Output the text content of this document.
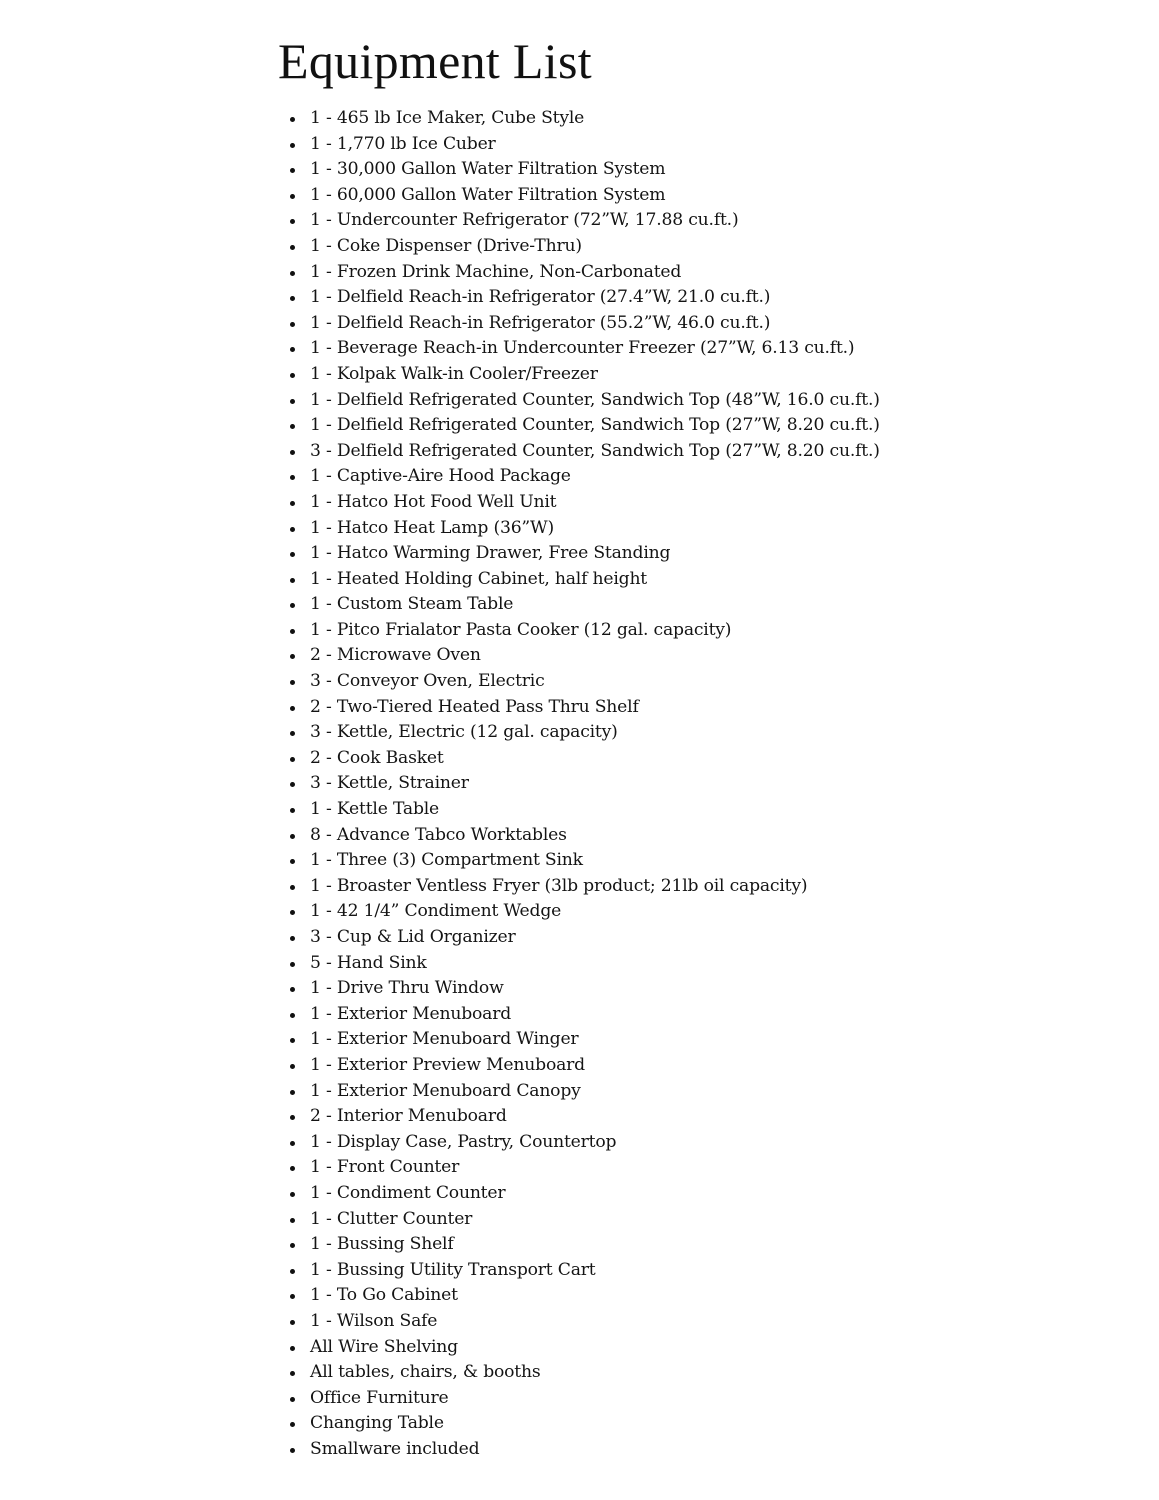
Equipment List
1 - 465 lb Ice Maker, Cube Style
1 - 1,770 lb Ice Cuber
1 - 30,000 Gallon Water Filtration System
1 - 60,000 Gallon Water Filtration System
1 - Undercounter Refrigerator (72”W, 17.88 cu.ft.)
1 - Coke Dispenser (Drive-Thru)
1 - Frozen Drink Machine, Non-Carbonated
1 - Delfield Reach-in Refrigerator (27.4”W, 21.0 cu.ft.)
1 - Delfield Reach-in Refrigerator (55.2”W, 46.0 cu.ft.)
1 - Beverage Reach-in Undercounter Freezer (27”W, 6.13 cu.ft.)
1 - Kolpak Walk-in Cooler/Freezer
1 - Delfield Refrigerated Counter, Sandwich Top (48”W, 16.0 cu.ft.)
1 - Delfield Refrigerated Counter, Sandwich Top (27”W, 8.20 cu.ft.)
3 - Delfield Refrigerated Counter, Sandwich Top (27”W, 8.20 cu.ft.)
1 - Captive-Aire Hood Package
1 - Hatco Hot Food Well Unit
1 - Hatco Heat Lamp (36”W)
1 - Hatco Warming Drawer, Free Standing
1 - Heated Holding Cabinet, half height
1 - Custom Steam Table
1 - Pitco Frialator Pasta Cooker (12 gal. capacity)
2 - Microwave Oven
3 - Conveyor Oven, Electric
2 - Two-Tiered Heated Pass Thru Shelf
3 - Kettle, Electric (12 gal. capacity)
2 - Cook Basket
3 - Kettle, Strainer
1 - Kettle Table
8 - Advance Tabco Worktables
1 - Three (3) Compartment Sink
1 - Broaster Ventless Fryer (3lb product; 21lb oil capacity)
1 - 42 1/4” Condiment Wedge
3 - Cup & Lid Organizer
5 - Hand Sink
1 - Drive Thru Window
1 - Exterior Menuboard
1 - Exterior Menuboard Winger
1 - Exterior Preview Menuboard
1 - Exterior Menuboard Canopy
2 - Interior Menuboard
1 - Display Case, Pastry, Countertop
1 - Front Counter
1 - Condiment Counter
1 - Clutter Counter
1 - Bussing Shelf
1 - Bussing Utility Transport Cart
1 - To Go Cabinet
1 - Wilson Safe
All Wire Shelving
All tables, chairs, & booths
Office Furniture
Changing Table
Smallware included
